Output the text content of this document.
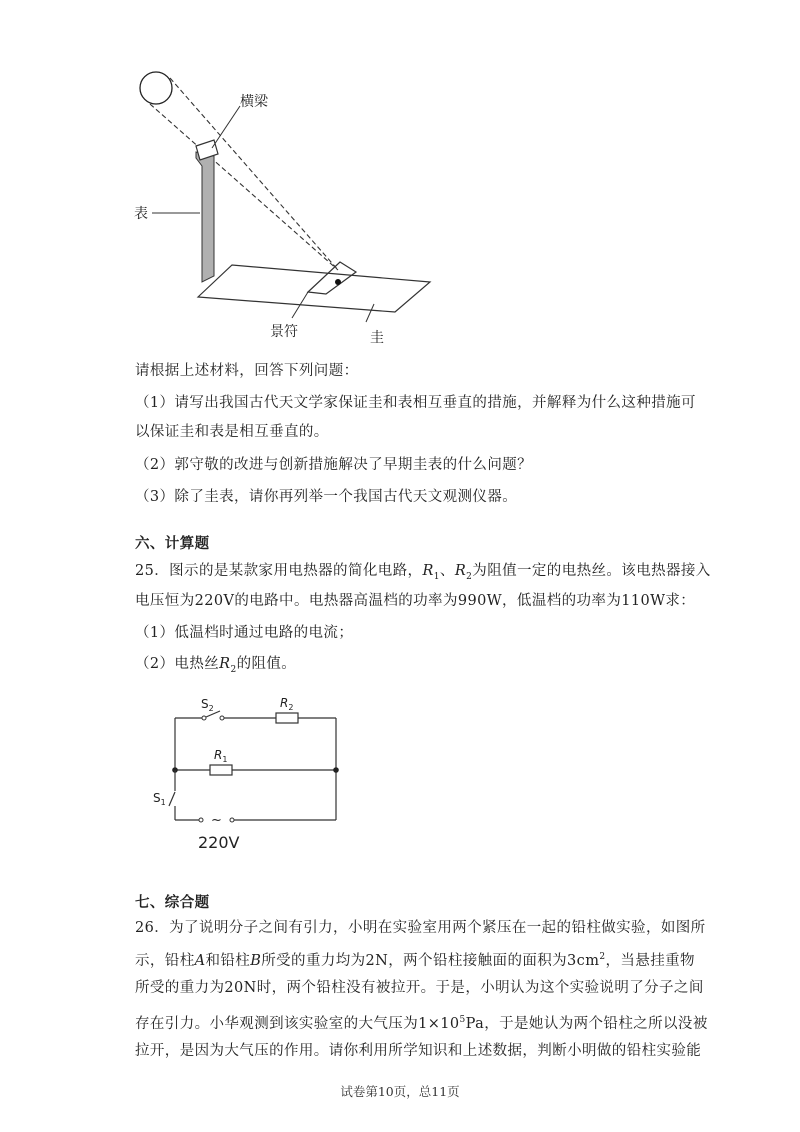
横梁
表
景符	圭
请根据上述材料，回答下列问题：
（1）请写出我国古代天文学家保证圭和表相互垂直的措施，并解释为什么这种措施可
以保证圭和表是相互垂直的。
（2）郭守敬的改进与创新措施解决了早期圭表的什么问题？
（3）除了圭表，请你再列举一个我国古代天文观测仪器。
六、计算题
25．图示的是某款家用电热器的简化电路，$R_1$、$R_2$为阻值一定的电热丝。该电热器接入
电压恒为220V的电路中。电热器高温档的功率为990W，低温档的功率为110W求：
（1）低温档时通过电路的电流；
（2）电热丝$R_2$的阻值。
$S_2$	$R_2$
$R_1$
$S_1$
~
220V
七、综合题
26．为了说明分子之间有引力，小明在实验室用两个紧压在一起的铅柱做实验，如图所
示，铅柱A和铅柱B所受的重力均为2N，两个铅柱接触面的面积为$3cm^2$，当悬挂重物
所受的重力为20N时，两个铅柱没有被拉开。于是，小明认为这个实验说明了分子之间
存在引力。小华观测到该实验室的大气压为$1\times 10^5Pa$，于是她认为两个铅柱之所以没被
拉开，是因为大气压的作用。请你利用所学知识和上述数据，判断小明做的铅柱实验能
试卷第10页，总11页
